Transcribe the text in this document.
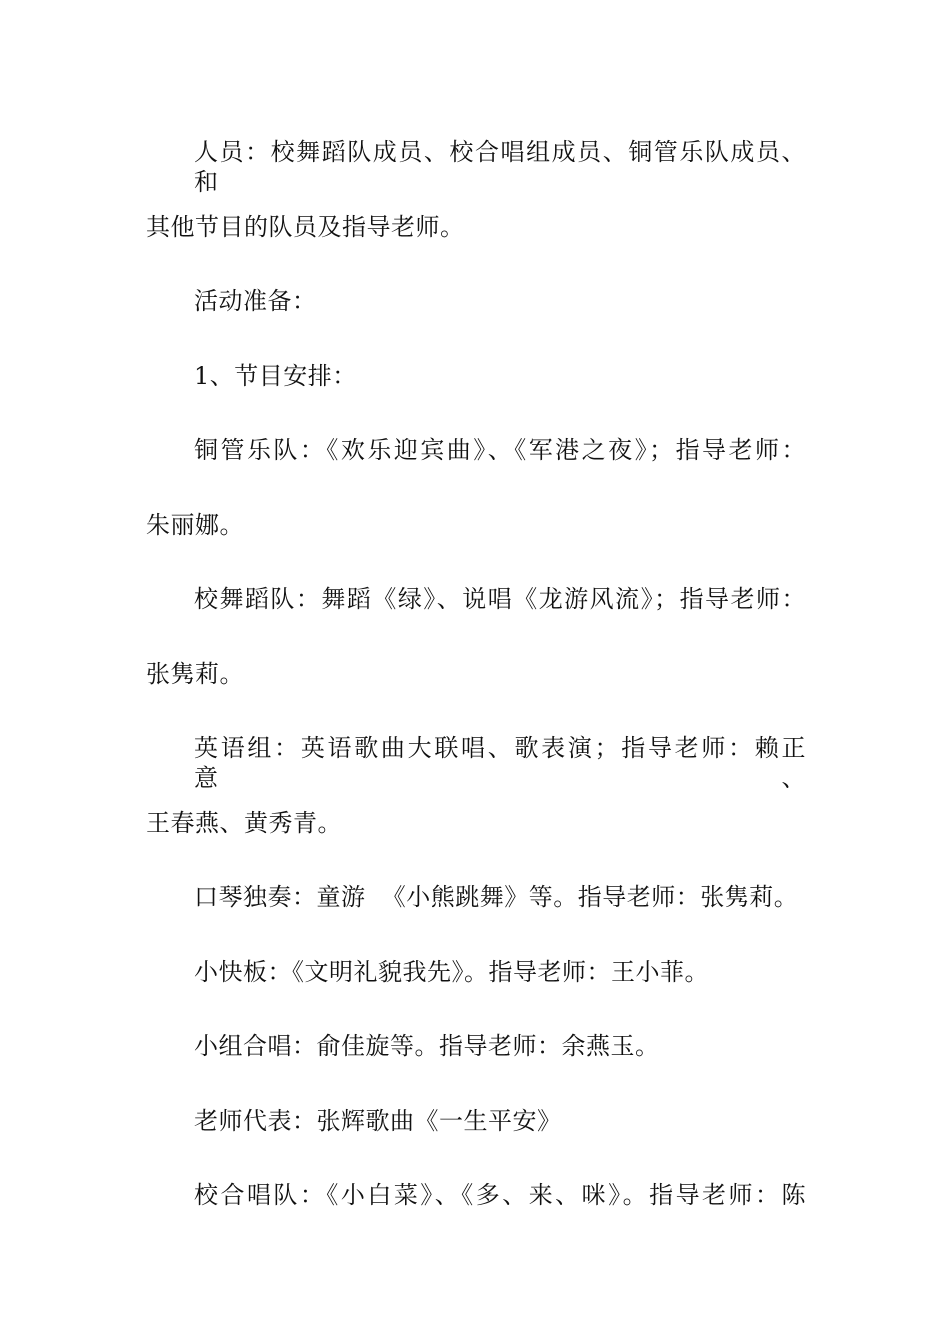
人员：校舞蹈队成员、校合唱组成员、铜管乐队成员、和
其他节目的队员及指导老师。
活动准备：
1、节目安排：
铜管乐队：《欢乐迎宾曲》、《军港之夜》；指导老师：
朱丽娜。
校舞蹈队：舞蹈《绿》、说唱《龙游风流》；指导老师：
张隽莉。
英语组：英语歌曲大联唱、歌表演；指导老师：赖正意、
王春燕、黄秀青。
口琴独奏：童游  《小熊跳舞》等。指导老师：张隽莉。
小快板：《文明礼貌我先》。指导老师：王小菲。
小组合唱：俞佳旋等。指导老师：余燕玉。
老师代表：张辉歌曲《一生平安》
校合唱队：《小白菜》、《多、来、咪》。指导老师：陈
